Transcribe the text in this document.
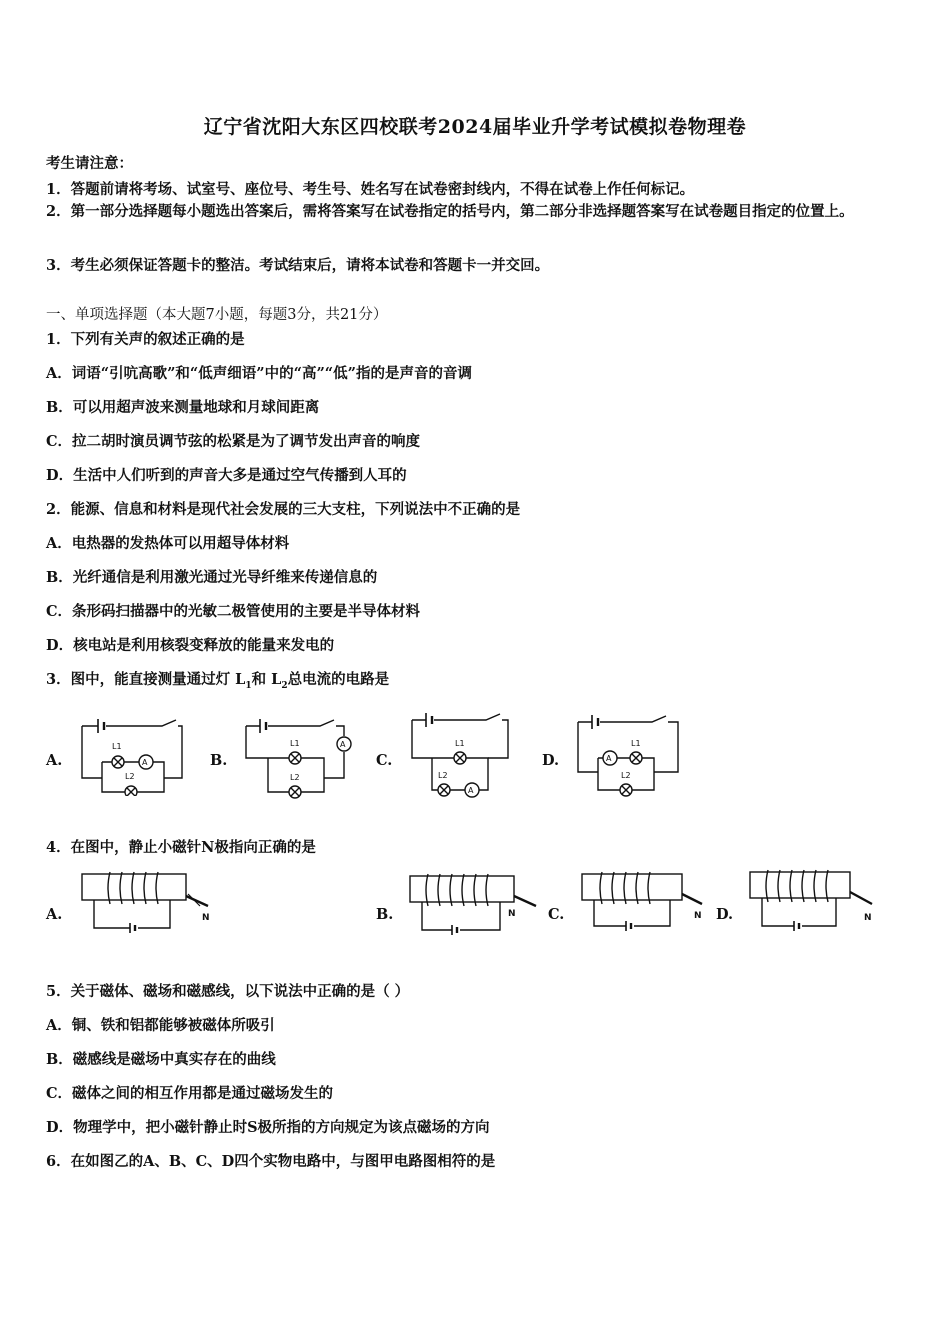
辽宁省沈阳大东区四校联考2024届毕业升学考试模拟卷物理卷
考生请注意：
1．答题前请将考场、试室号、座位号、考生号、姓名写在试卷密封线内，不得在试卷上作任何标记。
2．第一部分选择题每小题选出答案后，需将答案写在试卷指定的括号内，第二部分非选择题答案写在试卷题目指定的位置上。
3．考生必须保证答题卡的整洁。考试结束后，请将本试卷和答题卡一并交回。
一、单项选择题（本大题7小题，每题3分，共21分）
1．下列有关声的叙述正确的是
A．词语“引吭高歌”和“低声细语”中的“高”“低”指的是声音的音调
B．可以用超声波来测量地球和月球间距离
C．拉二胡时演员调节弦的松紧是为了调节发出声音的响度
D．生活中人们听到的声音大多是通过空气传播到人耳的
2．能源、信息和材料是现代社会发展的三大支柱，下列说法中不正确的是
A．电热器的发热体可以用超导体材料
B．光纤通信是利用激光通过光导纤维来传递信息的
C．条形码扫描器中的光敏二极管使用的主要是半导体材料
D．核电站是利用核裂变释放的能量来发电的
3．图中，能直接测量通过灯 $L_1$和 $L_2$总电流的电路是
A.
L1
L2
A	B.
L1
L2
A
C.
L1
L2
A
D.
L1
L2
A
4．在图中，静止小磁针N极指向正确的是
A.	N	B.	N C.	N D.	N
5．关于磁体、磁场和磁感线，以下说法中正确的是（ ）
A．铜、铁和铝都能够被磁体所吸引
B．磁感线是磁场中真实存在的曲线
C．磁体之间的相互作用都是通过磁场发生的
D．物理学中，把小磁针静止时S极所指的方向规定为该点磁场的方向
6．在如图乙的A、B、C、D四个实物电路中，与图甲电路图相符的是
